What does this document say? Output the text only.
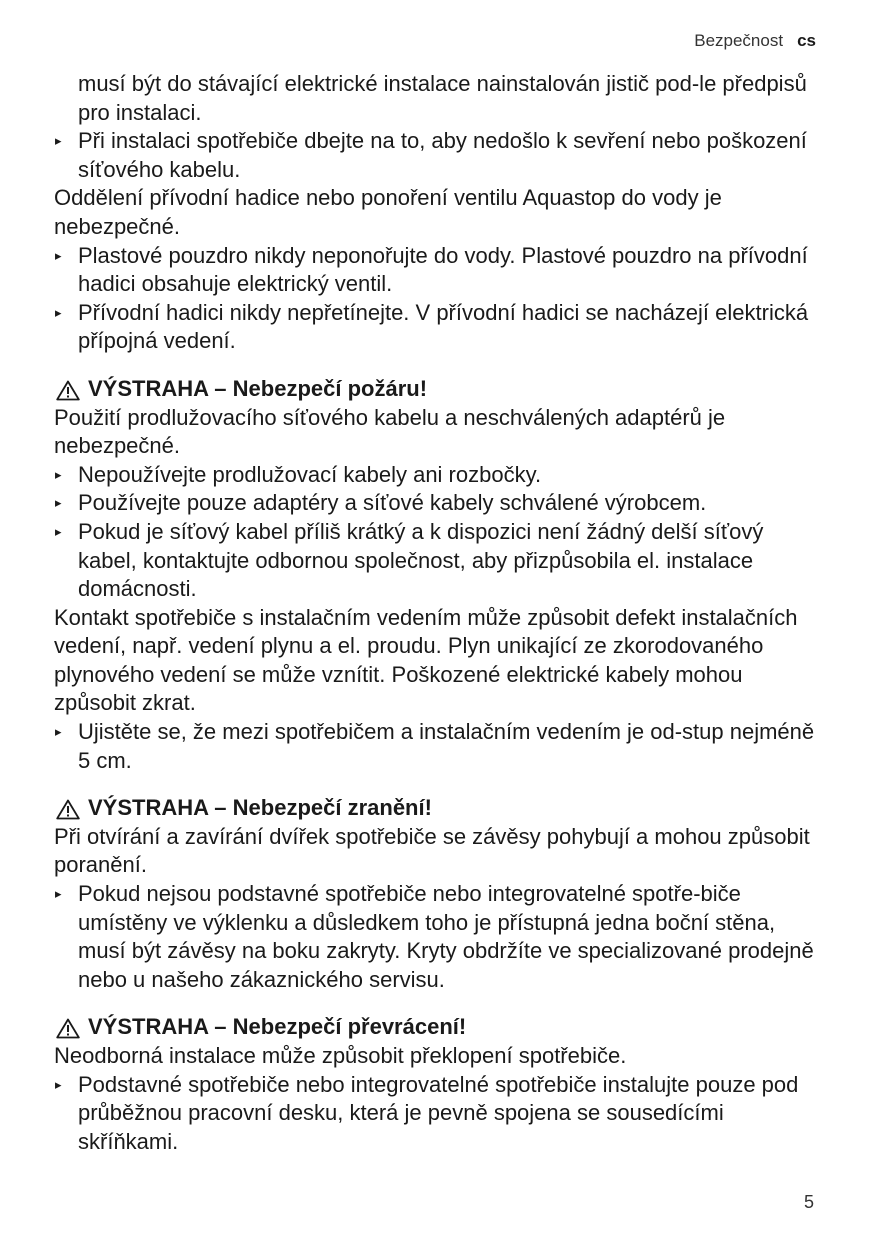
Bezpečnost cs

musí být do stávající elektrické instalace nainstalován jistič pod-le předpisů pro instalaci.

▸ Při instalaci spotřebiče dbejte na to, aby nedošlo k sevření nebo poškození síťového kabelu.

Oddělení přívodní hadice nebo ponoření ventilu Aquastop do vody je nebezpečné.

▸ Plastové pouzdro nikdy neponořujte do vody. Plastové pouzdro na přívodní hadici obsahuje elektrický ventil.

▸ Přívodní hadici nikdy nepřetínejte. V přívodní hadici se nacházejí elektrická přípojná vedení.

VÝSTRAHA – Nebezpečí požáru!

Použití prodlužovacího síťového kabelu a neschválených adaptérů je nebezpečné.

▸ Nepoužívejte prodlužovací kabely ani rozbočky.

▸ Používejte pouze adaptéry a síťové kabely schválené výrobcem.

▸ Pokud je síťový kabel příliš krátký a k dispozici není žádný delší síťový kabel, kontaktujte odbornou společnost, aby přizpůsobila el. instalace domácnosti.

Kontakt spotřebiče s instalačním vedením může způsobit defekt instalačních vedení, např. vedení plynu a el. proudu. Plyn unikající ze zkorodovaného plynového vedení se může vznítit. Poškozené elektrické kabely mohou způsobit zkrat.

▸ Ujistěte se, že mezi spotřebičem a instalačním vedením je od-stup nejméně 5 cm.

VÝSTRAHA – Nebezpečí zranění!

Při otvírání a zavírání dvířek spotřebiče se závěsy pohybují a mohou způsobit poranění.

▸ Pokud nejsou podstavné spotřebiče nebo integrovatelné spotře-biče umístěny ve výklenku a důsledkem toho je přístupná jedna boční stěna, musí být závěsy na boku zakryty. Kryty obdržíte ve specializované prodejně nebo u našeho zákaznického servisu.

VÝSTRAHA – Nebezpečí převrácení!

Neodborná instalace může způsobit překlopení spotřebiče.

▸ Podstavné spotřebiče nebo integrovatelné spotřebiče instalujte pouze pod průběžnou pracovní desku, která je pevně spojena se sousedícími skříňkami.

5
